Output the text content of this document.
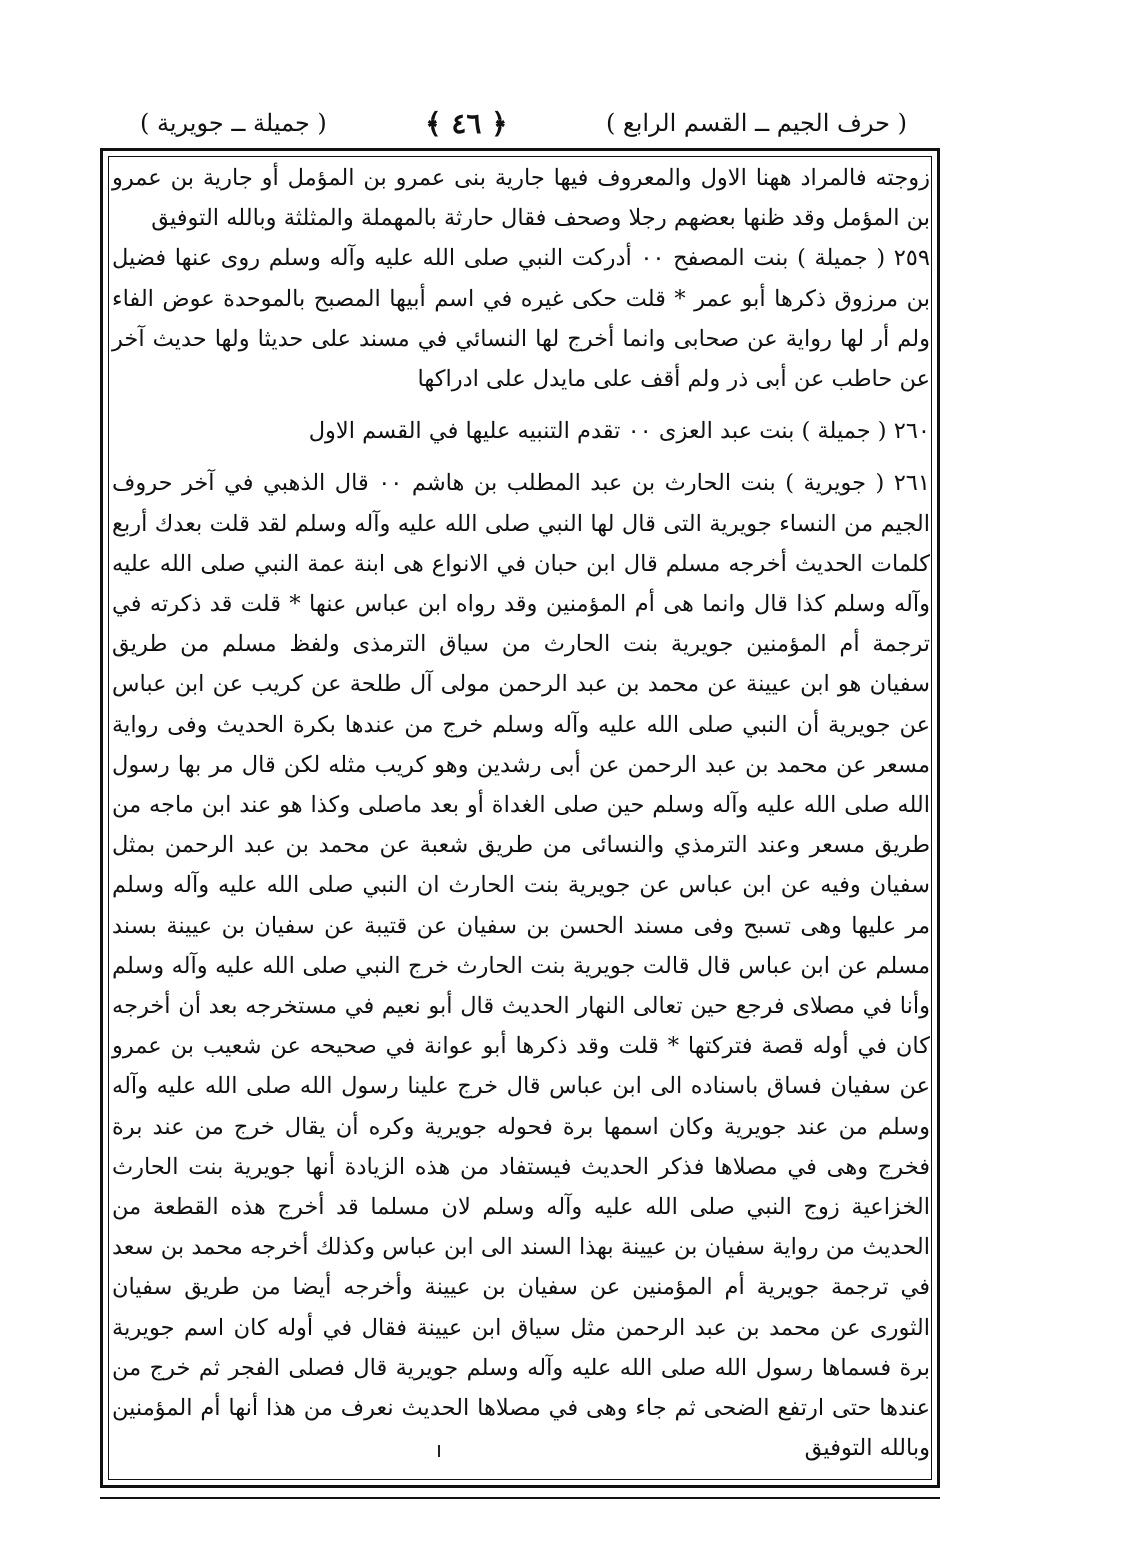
( حرف الجيم ــ القسم الرابع )
﴿ ٤٦ ﴾
( جميلة ــ جويرية )

زوجته فالمراد ههنا الاول والمعروف فيها جارية بنى عمرو بن المؤمل أو جارية بن عمرو بن المؤمل وقد ظنها بعضهم رجلا وصحف فقال حارثة بالمهملة والمثلثة وبالله التوفيق

٢٥٩ ( جميلة ) بنت المصفح ٠٠ أدركت النبي صلى الله عليه وآله وسلم روى عنها فضيل بن مرزوق ذكرها أبو عمر * قلت حكى غيره في اسم أبيها المصبح بالموحدة عوض الفاء ولم أر لها رواية عن صحابى وانما أخرج لها النسائي في مسند على حديثا ولها حديث آخر عن حاطب عن أبى ذر ولم أقف على مايدل على ادراكها

٢٦٠ ( جميلة ) بنت عبد العزى ٠٠ تقدم التنبيه عليها في القسم الاول

٢٦١ ( جويرية ) بنت الحارث بن عبد المطلب بن هاشم ٠٠ قال الذهبي في آخر حروف الجيم من النساء جويرية التى قال لها النبي صلى الله عليه وآله وسلم لقد قلت بعدك أربع كلمات الحديث أخرجه مسلم قال ابن حبان في الانواع هى ابنة عمة النبي صلى الله عليه وآله وسلم كذا قال وانما هى أم المؤمنين وقد رواه ابن عباس عنها * قلت قد ذكرته في ترجمة أم المؤمنين جويرية بنت الحارث من سياق الترمذى ولفظ مسلم من طريق سفيان هو ابن عيينة عن محمد بن عبد الرحمن مولى آل طلحة عن كريب عن ابن عباس عن جويرية أن النبي صلى الله عليه وآله وسلم خرج من عندها بكرة الحديث وفى رواية مسعر عن محمد بن عبد الرحمن عن أبى رشدين وهو كريب مثله لكن قال مر بها رسول الله صلى الله عليه وآله وسلم حين صلى الغداة أو بعد ماصلى وكذا هو عند ابن ماجه من طريق مسعر وعند الترمذي والنسائى من طريق شعبة عن محمد بن عبد الرحمن بمثل سفيان وفيه عن ابن عباس عن جويرية بنت الحارث ان النبي صلى الله عليه وآله وسلم مر عليها وهى تسبح وفى مسند الحسن بن سفيان عن قتيبة عن سفيان بن عيينة بسند مسلم عن ابن عباس قال قالت جويرية بنت الحارث خرج النبي صلى الله عليه وآله وسلم وأنا في مصلاى فرجع حين تعالى النهار الحديث قال أبو نعيم في مستخرجه بعد أن أخرجه كان في أوله قصة فتركتها * قلت وقد ذكرها أبو عوانة في صحيحه عن شعيب بن عمرو عن سفيان فساق باسناده الى ابن عباس قال خرج علينا رسول الله صلى الله عليه وآله وسلم من عند جويرية وكان اسمها برة فحوله جويرية وكره أن يقال خرج من عند برة فخرج وهى في مصلاها فذكر الحديث فيستفاد من هذه الزيادة أنها جويرية بنت الحارث الخزاعية زوج النبي صلى الله عليه وآله وسلم لان مسلما قد أخرج هذه القطعة من الحديث من رواية سفيان بن عيينة بهذا السند الى ابن عباس وكذلك أخرجه محمد بن سعد في ترجمة جويرية أم المؤمنين عن سفيان بن عيينة وأخرجه أيضا من طريق سفيان الثورى عن محمد بن عبد الرحمن مثل سياق ابن عيينة فقال في أوله كان اسم جويرية برة فسماها رسول الله صلى الله عليه وآله وسلم جويرية قال فصلى الفجر ثم خرج من عندها حتى ارتفع الضحى ثم جاء وهى في مصلاها الحديث نعرف من هذا أنها أم المؤمنين وبالله التوفيق
